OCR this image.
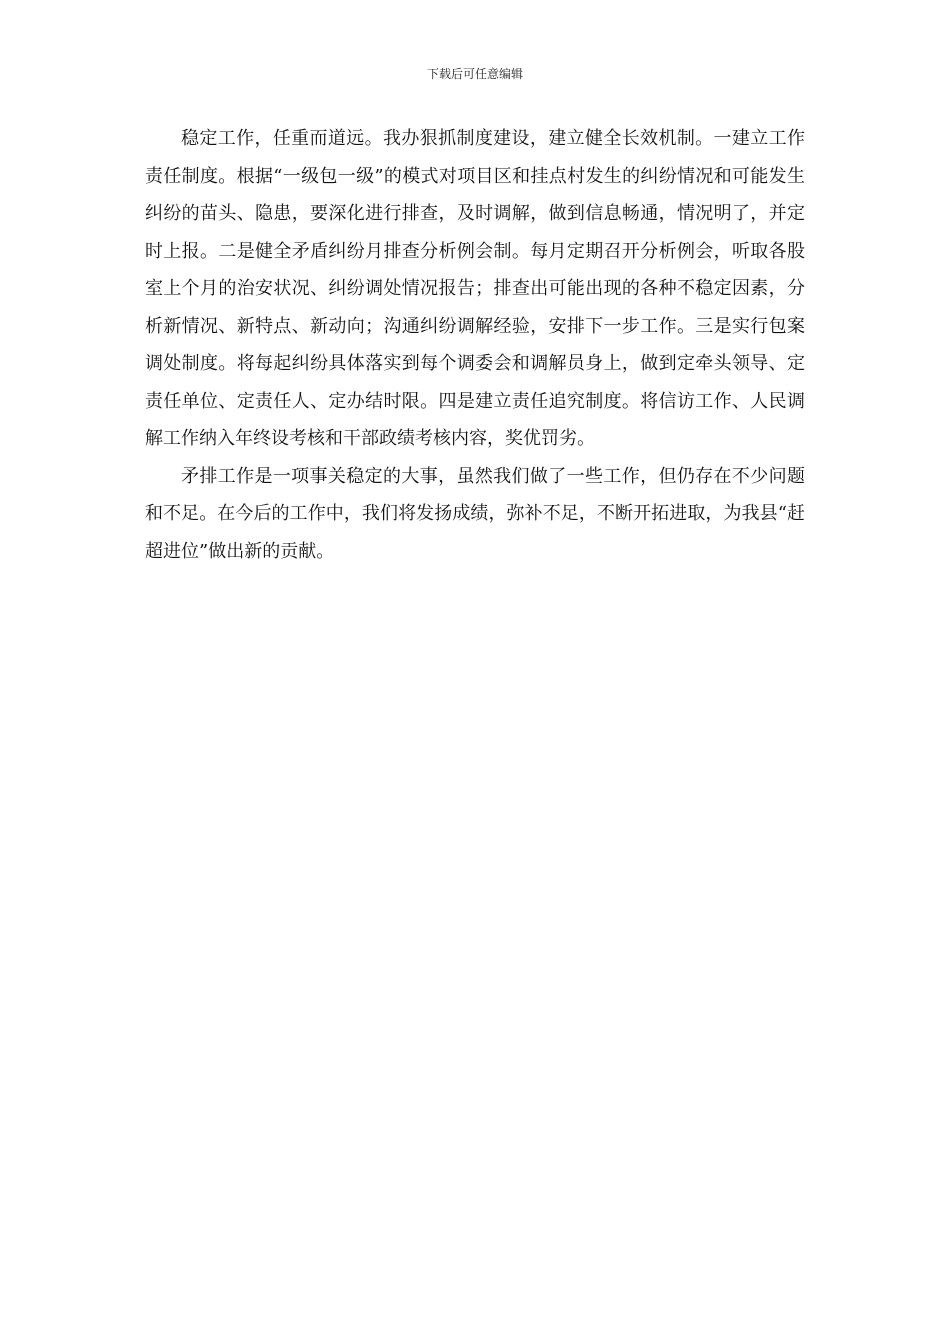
下载后可任意编辑

稳定工作，任重而道远。我办狠抓制度建设，建立健全长效机制。一建立工作责任制度。根据“一级包一级”的模式对项目区和挂点村发生的纠纷情况和可能发生纠纷的苗头、隐患，要深化进行排查，及时调解，做到信息畅通，情况明了，并定时上报。二是健全矛盾纠纷月排查分析例会制。每月定期召开分析例会，听取各股室上个月的治安状况、纠纷调处情况报告；排查出可能出现的各种不稳定因素，分析新情况、新特点、新动向；沟通纠纷调解经验，安排下一步工作。三是实行包案调处制度。将每起纠纷具体落实到每个调委会和调解员身上，做到定牵头领导、定责任单位、定责任人、定办结时限。四是建立责任追究制度。将信访工作、人民调解工作纳入年终设考核和干部政绩考核内容，奖优罚劣。

矛排工作是一项事关稳定的大事，虽然我们做了一些工作，但仍存在不少问题和不足。在今后的工作中，我们将发扬成绩，弥补不足，不断开拓进取，为我县“赶超进位”做出新的贡献。
